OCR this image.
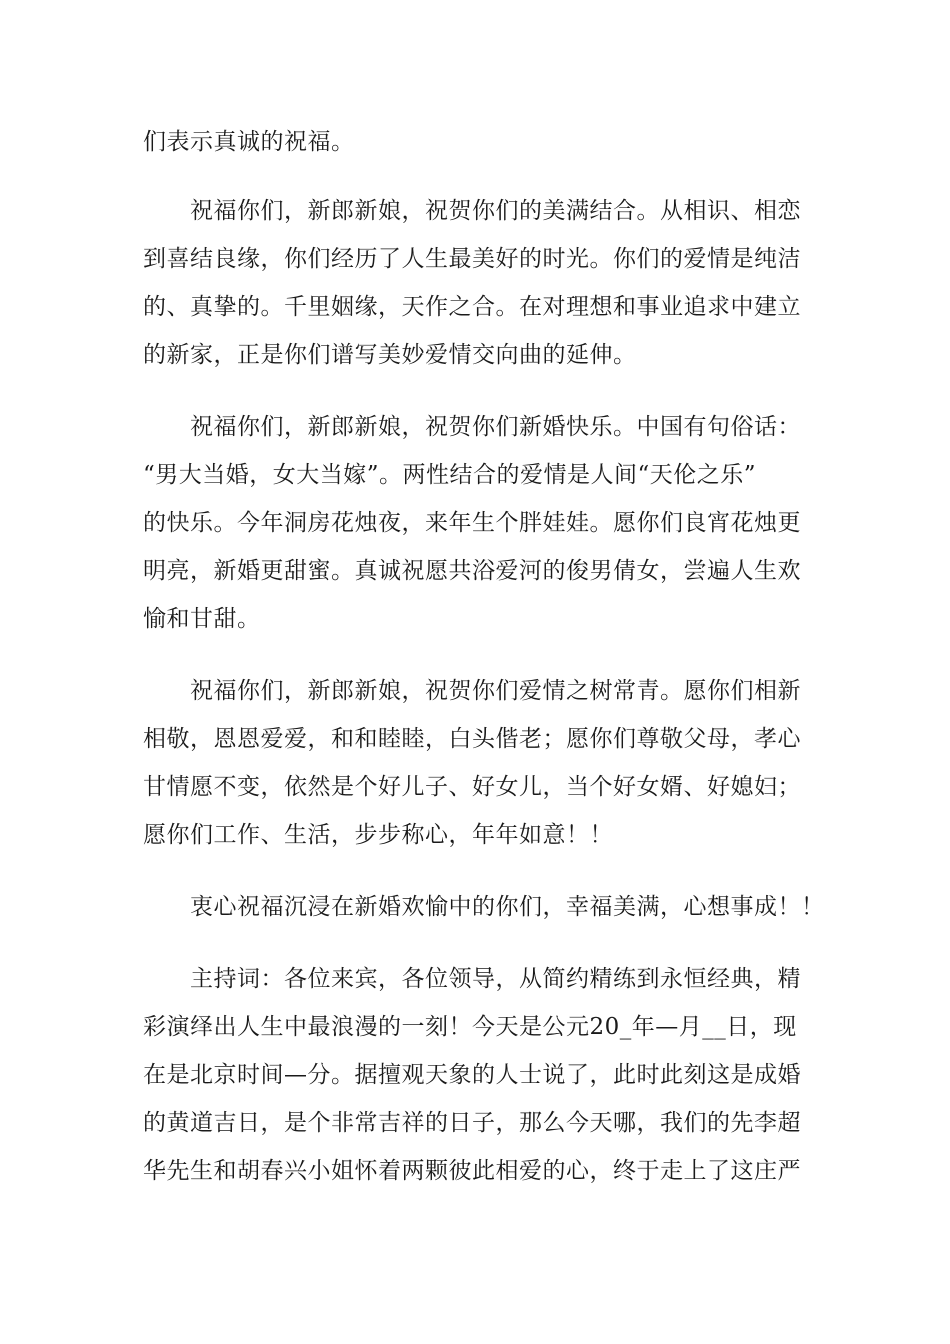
们表示真诚的祝福。
祝福你们，新郎新娘，祝贺你们的美满结合。从相识、相恋
到喜结良缘，你们经历了人生最美好的时光。你们的爱情是纯洁
的、真挚的。千里姻缘，天作之合。在对理想和事业追求中建立
的新家，正是你们谱写美妙爱情交向曲的延伸。
祝福你们，新郎新娘，祝贺你们新婚快乐。中国有句俗话：
“男大当婚，女大当嫁”。两性结合的爱情是人间“天伦之乐”
的快乐。今年洞房花烛夜，来年生个胖娃娃。愿你们良宵花烛更
明亮，新婚更甜蜜。真诚祝愿共浴爱河的俊男倩女，尝遍人生欢
愉和甘甜。
祝福你们，新郎新娘，祝贺你们爱情之树常青。愿你们相新
相敬，恩恩爱爱，和和睦睦，白头偕老；愿你们尊敬父母，孝心
甘情愿不变，依然是个好儿子、好女儿，当个好女婿、好媳妇；
愿你们工作、生活，步步称心，年年如意！！
衷心祝福沉浸在新婚欢愉中的你们，幸福美满，心想事成！！
主持词：各位来宾，各位领导，从简约精练到永恒经典，精
彩演绎出人生中最浪漫的一刻！今天是公元20_年—月__日，现
在是北京时间—分。据擅观天象的人士说了，此时此刻这是成婚
的黄道吉日，是个非常吉祥的日子，那么今天哪，我们的先李超
华先生和胡春兴小姐怀着两颗彼此相爱的心，终于走上了这庄严
